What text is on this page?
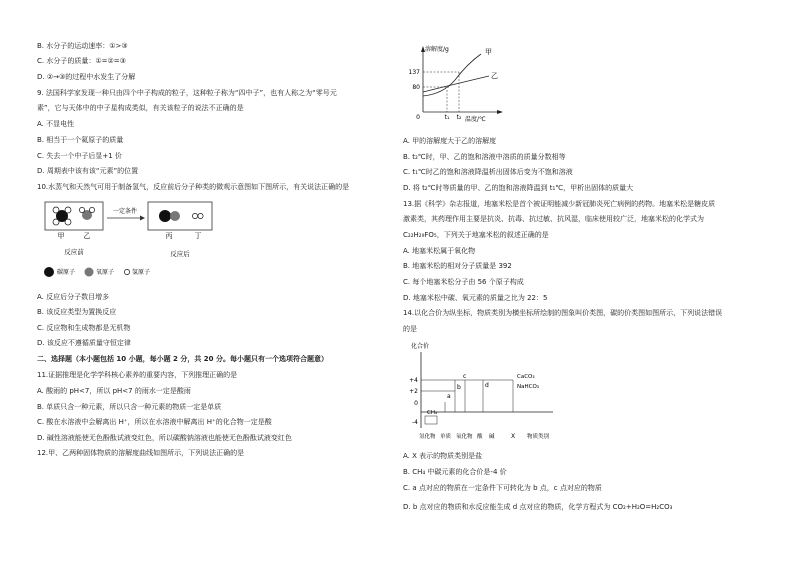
B. 水分子的运动速率：①>③
C. 水分子的质量：①=②=③
D. ②→③的过程中水发生了分解
9. 法国科学家发现一种只由四个中子构成的粒子，这种粒子称为“四中子”，也有人称之为“零号元
素”，它与天体中的中子星构成类似，有关该粒子的说法不正确的是
A. 不显电性
B. 相当于一个氦原子的质量
C. 失去一个中子后显+1 价
D. 周期表中该有该“元素”的位置
10.水蒸气和天然气可用于制备氢气，反应前后分子种类的微观示意图如下图所示，有关说法正确的是
甲	乙
一定条件
丙	丁
反应前	反应后
碳原子	氧原子	氢原子
A. 反应后分子数目增多
B. 该反应类型为置换反应
C. 反应物和生成物都是无机物
D. 该反应不遵循质量守恒定律
二、选择题（本小题包括 10 小题，每小题 2 分，共 20 分。每小题只有一个选项符合题意）
11.证据推理是化学学科核心素养的重要内容，下列推理正确的是
A. 酸雨的 pH<7，所以 pH<7 的雨水一定是酸雨
B. 单质只含一种元素，所以只含一种元素的物质一定是单质
C. 酸在水溶液中会解离出 H⁺，所以在水溶液中解离出 H⁺的化合物一定是酸
D. 碱性溶液能使无色酚酞试液变红色，所以碳酸钠溶液也能使无色酚酞试液变红色
12.甲、乙两种固体物质的溶解度曲线如图所示，下列说法正确的是
溶解度/g
温度/℃
0
137
80
t₁ t₂
甲
乙
A. 甲的溶解度大于乙的溶解度
B. t₂℃时，甲、乙的饱和溶液中溶质的质量分数相等
C. t₁℃时乙的饱和溶液降温析出固体后变为不饱和溶液
D. 将 t₂℃时等质量的甲、乙的饱和溶液降温到 t₁℃，甲析出固体的质量大
13.据《科学》杂志报道，地塞米松是首个被证明能减少新冠肺炎死亡病例的药物。地塞米松是糖皮质
激素类，其药理作用主要是抗炎、抗毒、抗过敏、抗风湿，临床使用较广泛，地塞米松的化学式为
C₂₂H₂₉FO₅，下列关于地塞米松的叙述正确的是
A. 地塞米松属于氧化物
B. 地塞米松的相对分子质量是 392
C. 每个地塞米松分子由 56 个原子构成
D. 地塞米松中碳、氧元素的质量之比为 22：5
14.以化合价为纵坐标，物质类别为横坐标所绘制的图象叫价类图，碳的价类图如图所示，下列说法错误
的是
化合价
+4
+2
0
-4
CH₄
a
b
c
d
CaCO₃
NaHCO₃
氢化物 单质 氧化物 酸 碱	X 物质类别
A. X 表示的物质类别是盐
B. CH₄ 中碳元素的化合价是-4 价
C. a 点对应的物质在一定条件下可转化为 b 点，c 点对应的物质
D. b 点对应的物质和水反应能生成 d 点对应的物质，化学方程式为 CO₂+H₂O=H₂CO₃
